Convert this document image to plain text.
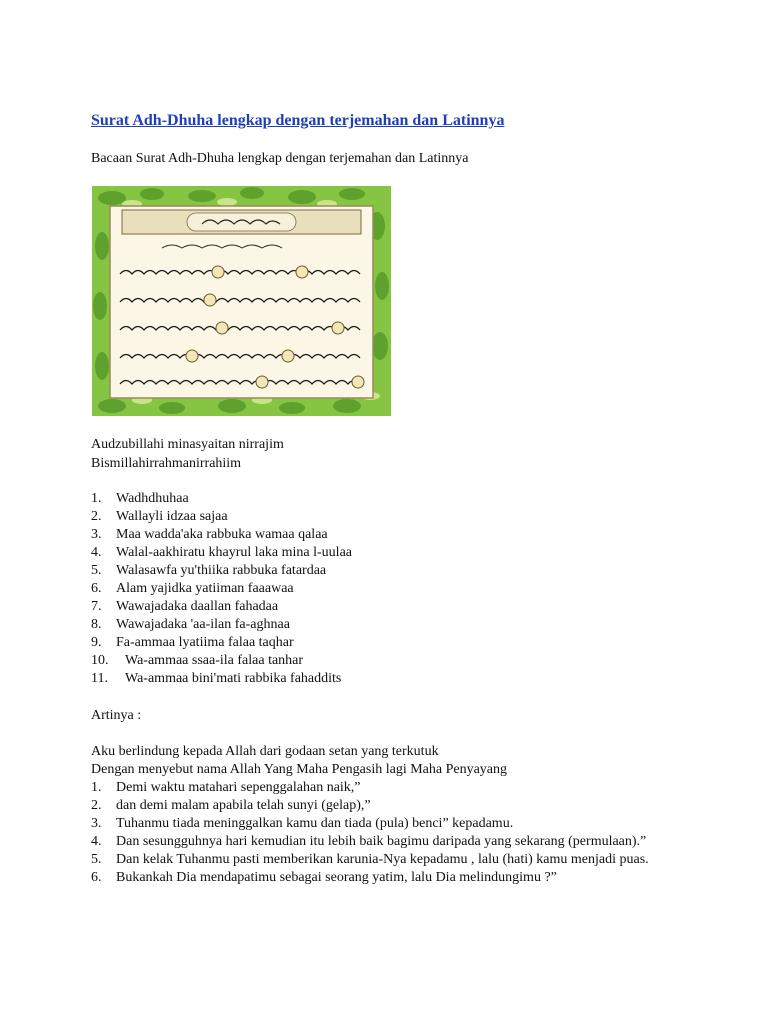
Surat Adh-Dhuha lengkap dengan terjemahan dan Latinnya
Bacaan Surat Adh-Dhuha lengkap dengan terjemahan dan Latinnya
Audzubillahi minasyaitan nirrajim
Bismillahirrahmanirrahiim
1. Wadhdhuhaa
2. Wallayli idzaa sajaa
3. Maa wadda'aka rabbuka wamaa qalaa
4. Walal-aakhiratu khayrul laka mina l-uulaa
5. Walasawfa yu'thiika rabbuka fatardaa
6. Alam yajidka yatiiman faaawaa
7. Wawajadaka daallan fahadaa
8. Wawajadaka 'aa-ilan fa-aghnaa
9. Fa-ammaa lyatiima falaa taqhar
10. Wa-ammaa ssaa-ila falaa tanhar
11. Wa-ammaa bini'mati rabbika fahaddits
Artinya :
Aku berlindung kepada Allah dari godaan setan yang terkutuk
Dengan menyebut nama Allah Yang Maha Pengasih lagi Maha Penyayang
1. Demi waktu matahari sepenggalahan naik,”
2. dan demi malam apabila telah sunyi (gelap),”
3. Tuhanmu tiada meninggalkan kamu dan tiada (pula) benci” kepadamu.
4. Dan sesungguhnya hari kemudian itu lebih baik bagimu daripada yang sekarang (permulaan).”
5. Dan kelak Tuhanmu pasti memberikan karunia-Nya kepadamu , lalu (hati) kamu menjadi puas.
6. Bukankah Dia mendapatimu sebagai seorang yatim, lalu Dia melindungimu ?”
